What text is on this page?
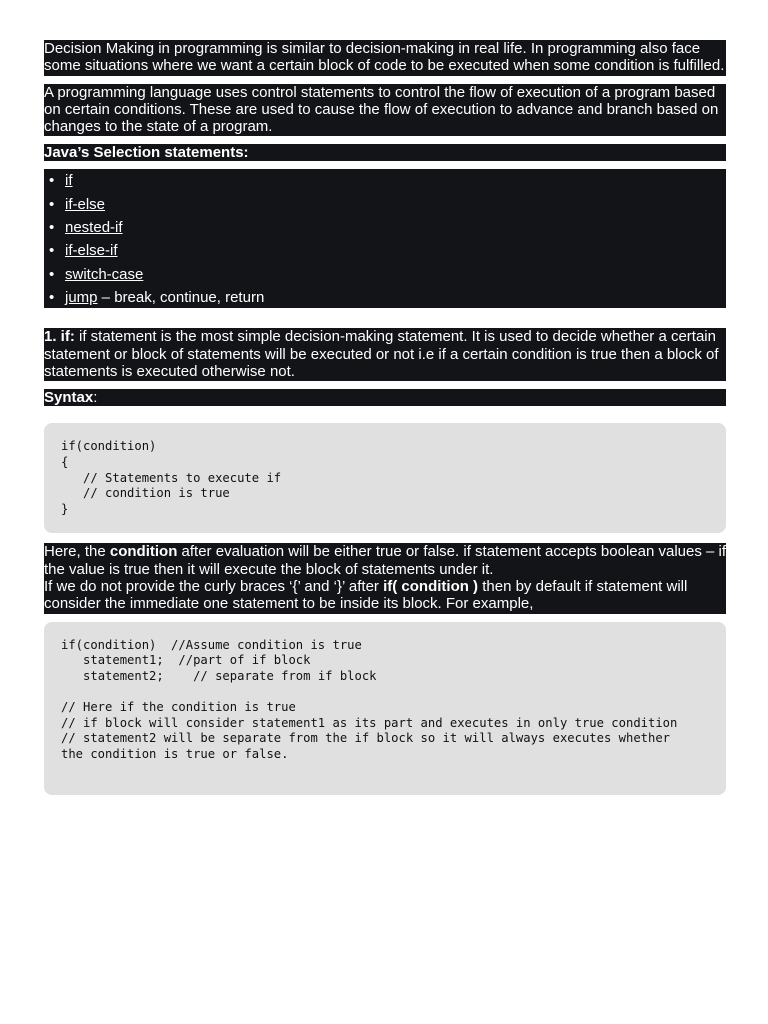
Decision Making in programming is similar to decision-making in real life. In programming also face some situations where we want a certain block of code to be executed when some condition is fulfilled.
A programming language uses control statements to control the flow of execution of a program based on certain conditions. These are used to cause the flow of execution to advance and branch based on changes to the state of a program.
Java’s Selection statements:
• if
• if-else
• nested-if
• if-else-if
• switch-case
• jump – break, continue, return
1. if: if statement is the most simple decision-making statement. It is used to decide whether a certain statement or block of statements will be executed or not i.e if a certain condition is true then a block of statements is executed otherwise not.
Syntax:
if(condition)
{
// Statements to execute if
// condition is true
}
Here, the condition after evaluation will be either true or false. if statement accepts boolean values – if the value is true then it will execute the block of statements under it.
If we do not provide the curly braces ‘{’ and ‘}’ after if( condition ) then by default if statement will consider the immediate one statement to be inside its block. For example,
if(condition)  //Assume condition is true
statement1;  //part of if block
statement2;    // separate from if block

// Here if the condition is true
// if block will consider statement1 as its part and executes in only true condition
// statement2 will be separate from the if block so it will always executes whether the condition is true or false.
